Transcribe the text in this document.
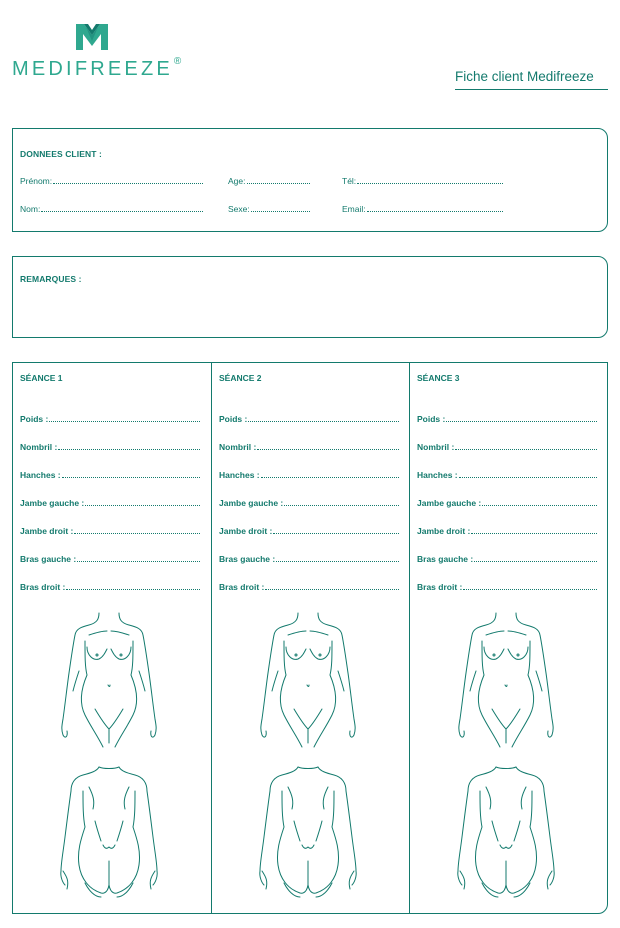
MEDIFREEZE®
Fiche client Medifreeze
DONNEES CLIENT :
Prénom:	Age:	Tél:
Nom:	Sexe:	Email:
REMARQUES :
SÉANCE 1
Poids :
Nombril :
Hanches :
Jambe gauche :
Jambe droit :
Bras gauche :
Bras droit :
SÉANCE 2
Poids :
Nombril :
Hanches :
Jambe gauche :
Jambe droit :
Bras gauche :
Bras droit :
SÉANCE 3
Poids :
Nombril :
Hanches :
Jambe gauche :
Jambe droit :
Bras gauche :
Bras droit :
